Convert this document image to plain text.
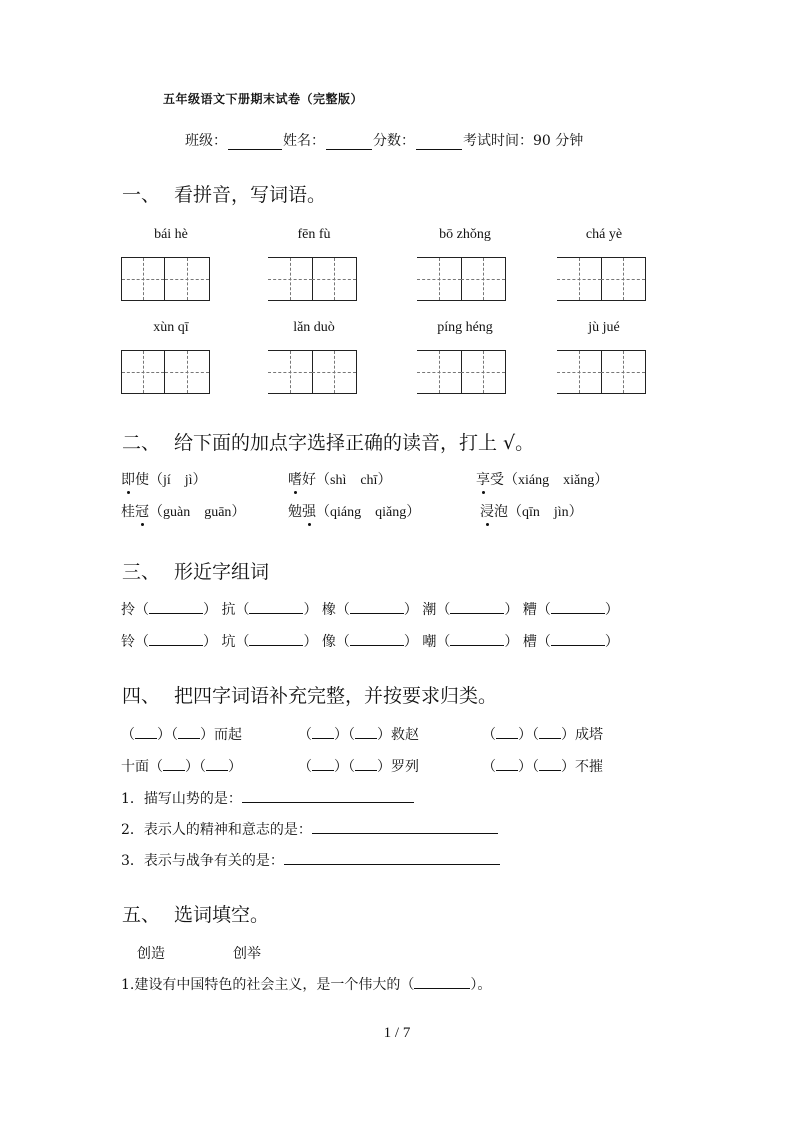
五年级语文下册期末试卷（完整版）
班级：	姓名：	分数：	考试时间：90 分钟
一、 看拼音，写词语。
bái hè	fēn fù	bō zhǒng	chá yè
xùn qī	lǎn duò	píng héng	jù jué
二、 给下面的加点字选择正确的读音，打上 √。
即使（jí　jì）	嗜好（shì　chī）	享受（xiáng　xiǎng）
桂冠（guàn　guān）	勉强（qiáng　qiǎng）	浸泡（qīn　jìn）
三、 形近字组词
拎（	） 抗（	） 橡（	） 潮（	） 糟（	）
铃（	） 坑（	） 像（	） 嘲（	） 槽（	）
四、 把四字词语补充完整，并按要求归类。
（ ）（ ）而起	（ ）（ ）救赵	（ ）（ ）成塔
十面（ ）（ ）	（ ）（ ）罗列	（ ）（ ）不摧
1．描写山势的是：
2．表示人的精神和意志的是：
3．表示与战争有关的是：
五、 选词填空。
创造	创举
1.建设有中国特色的社会主义，是一个伟大的（	）。
1 / 7
